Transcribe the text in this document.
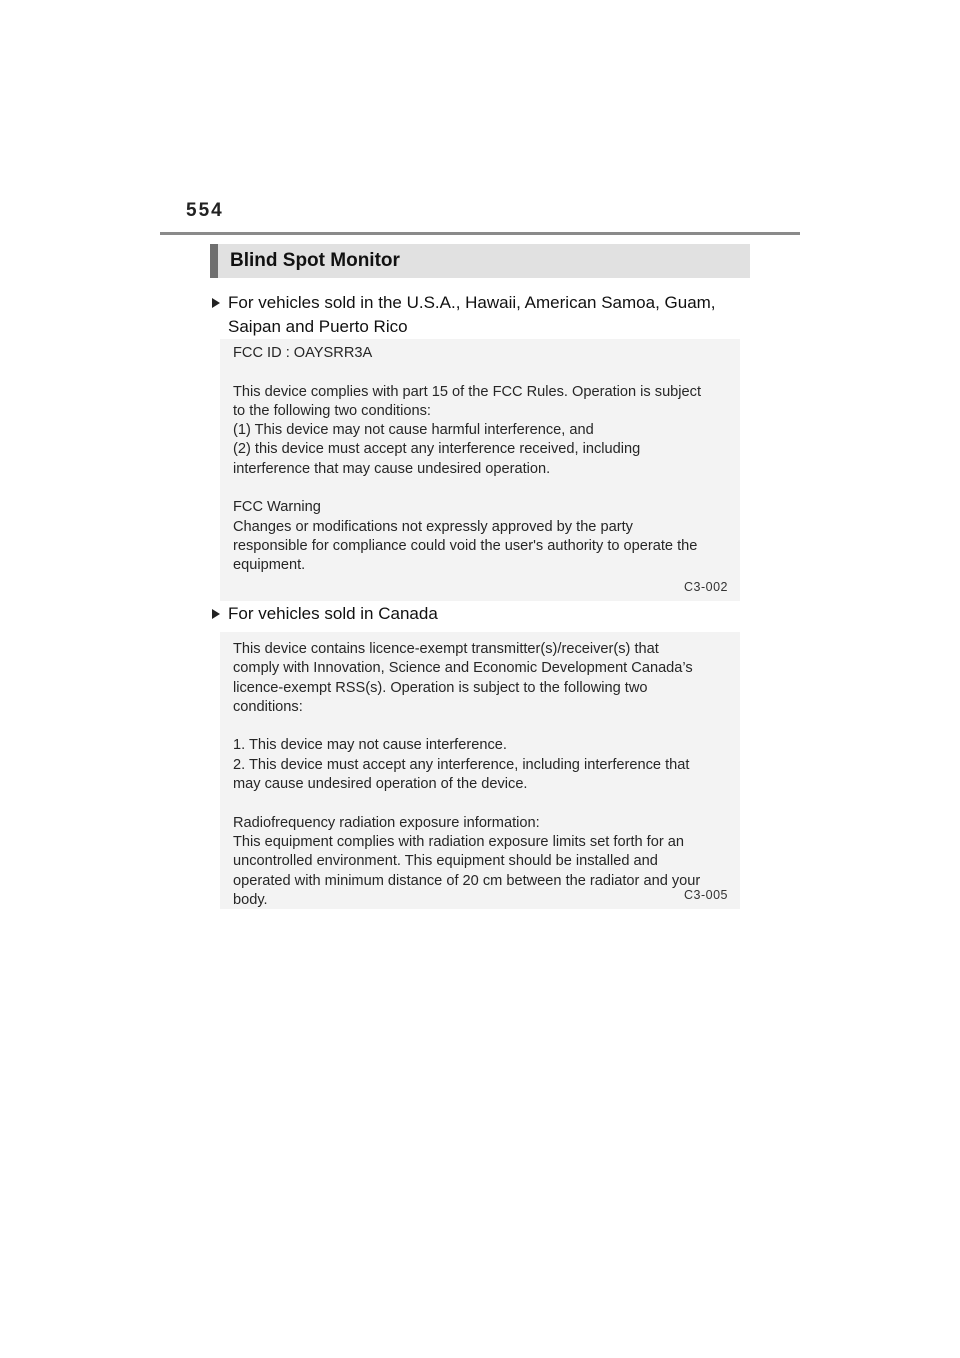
554
Blind Spot Monitor
For vehicles sold in the U.S.A., Hawaii, American Samoa, Guam,
Saipan and Puerto Rico
FCC ID : OAYSRR3A
This device complies with part 15 of the FCC Rules. Operation is subject
to the following two conditions:
(1) This device may not cause harmful interference, and
(2) this device must accept any interference received, including
interference that may cause undesired operation.
FCC Warning
Changes or modifications not expressly approved by the party
responsible for compliance could void the user's authority to operate the
equipment.
C3-002
For vehicles sold in Canada
This device contains licence-exempt transmitter(s)/receiver(s) that
comply with Innovation, Science and Economic Development Canada’s
licence-exempt RSS(s). Operation is subject to the following two
conditions:
1. This device may not cause interference.
2. This device must accept any interference, including interference that
may cause undesired operation of the device.
Radiofrequency radiation exposure information:
This equipment complies with radiation exposure limits set forth for an
uncontrolled environment. This equipment should be installed and
operated with minimum distance of 20 cm between the radiator and your
body.	C3-005
